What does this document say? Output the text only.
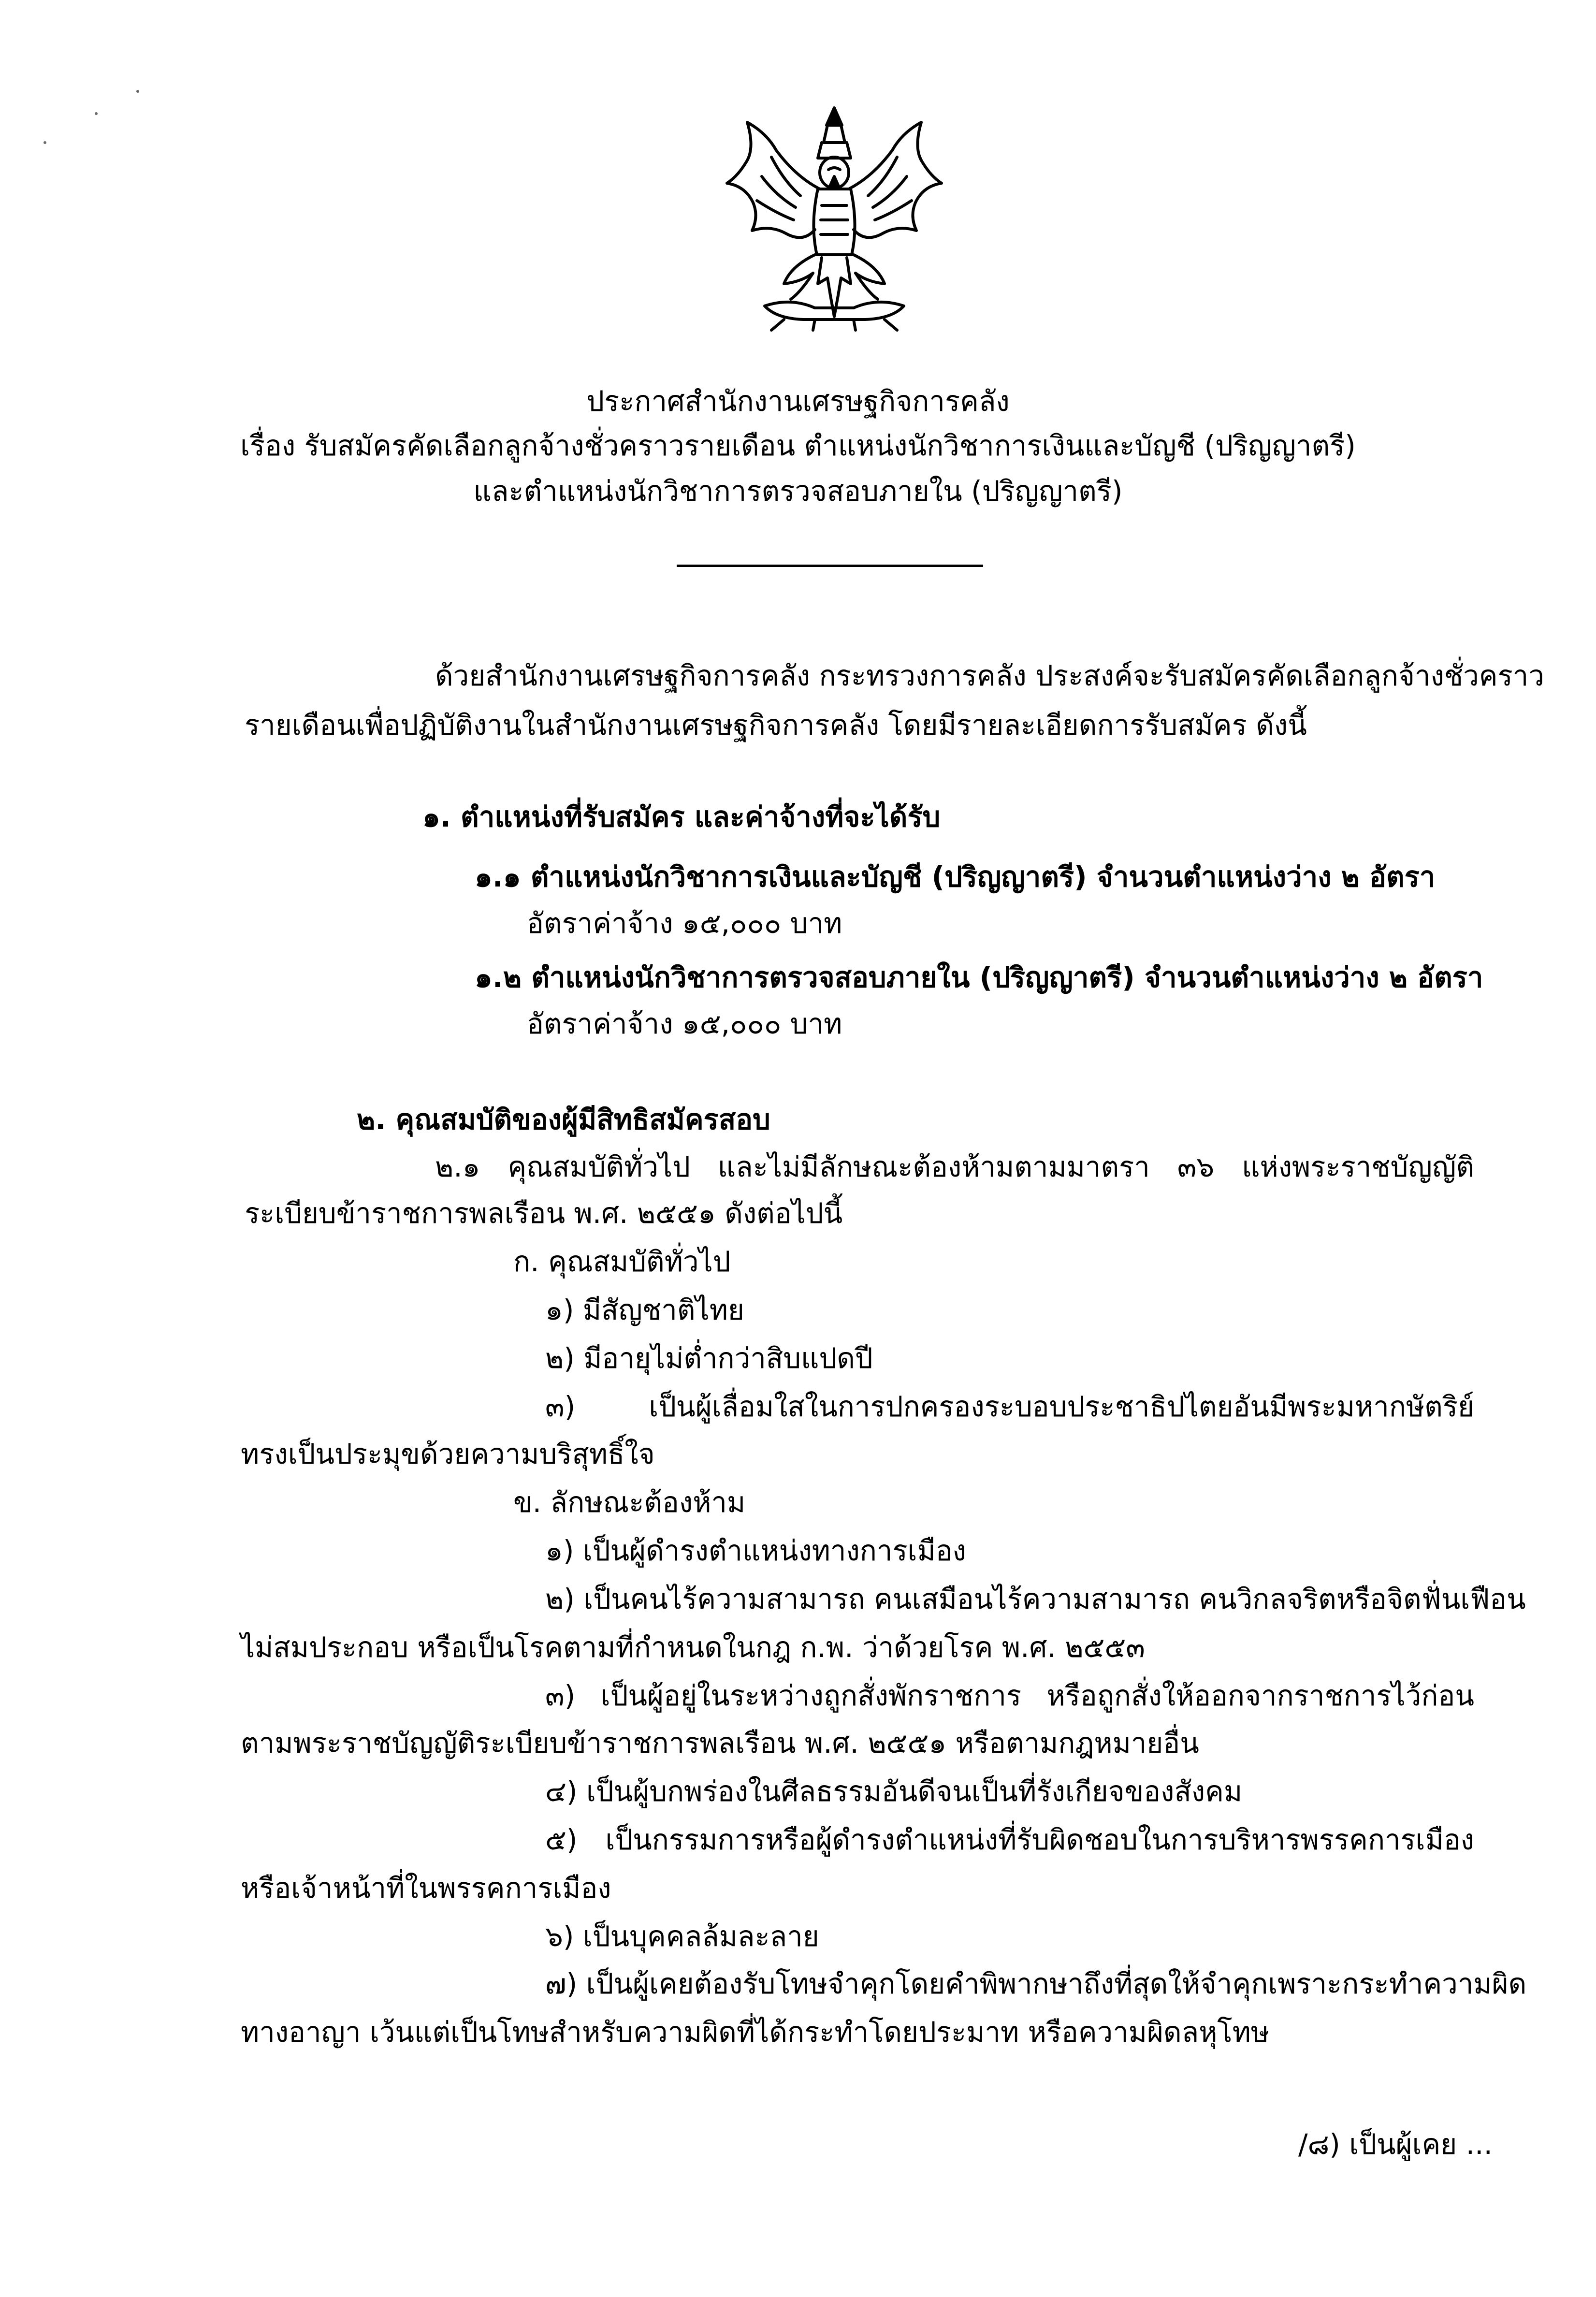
ประกาศสำนักงานเศรษฐกิจการคลัง
เรื่อง รับสมัครคัดเลือกลูกจ้างชั่วคราวรายเดือน ตำแหน่งนักวิชาการเงินและบัญชี (ปริญญาตรี)
และตำแหน่งนักวิชาการตรวจสอบภายใน (ปริญญาตรี)
ด้วยสำนักงานเศรษฐกิจการคลัง กระทรวงการคลัง ประสงค์จะรับสมัครคัดเลือกลูกจ้างชั่วคราว
รายเดือนเพื่อปฏิบัติงานในสำนักงานเศรษฐกิจการคลัง โดยมีรายละเอียดการรับสมัคร ดังนี้
๑. ตำแหน่งที่รับสมัคร และค่าจ้างที่จะได้รับ
๑.๑ ตำแหน่งนักวิชาการเงินและบัญชี (ปริญญาตรี) จำนวนตำแหน่งว่าง ๒ อัตรา
อัตราค่าจ้าง ๑๕,๐๐๐ บาท
๑.๒ ตำแหน่งนักวิชาการตรวจสอบภายใน (ปริญญาตรี) จำนวนตำแหน่งว่าง ๒ อัตรา
อัตราค่าจ้าง ๑๕,๐๐๐ บาท
๒. คุณสมบัติของผู้มีสิทธิสมัครสอบ
๒.๑ คุณสมบัติทั่วไป และไม่มีลักษณะต้องห้ามตามมาตรา ๓๖ แห่งพระราชบัญญัติ
ระเบียบข้าราชการพลเรือน พ.ศ. ๒๕๕๑ ดังต่อไปนี้
ก. คุณสมบัติทั่วไป
๑) มีสัญชาติไทย
๒) มีอายุไม่ต่ำกว่าสิบแปดปี
๓) เป็นผู้เลื่อมใสในการปกครองระบอบประชาธิปไตยอันมีพระมหากษัตริย์
ทรงเป็นประมุขด้วยความบริสุทธิ์ใจ
ข. ลักษณะต้องห้าม
๑) เป็นผู้ดำรงตำแหน่งทางการเมือง
๒) เป็นคนไร้ความสามารถ คนเสมือนไร้ความสามารถ คนวิกลจริตหรือจิตฟั่นเฟือน
ไม่สมประกอบ หรือเป็นโรคตามที่กำหนดในกฎ ก.พ. ว่าด้วยโรค พ.ศ. ๒๕๕๓
๓) เป็นผู้อยู่ในระหว่างถูกสั่งพักราชการ หรือถูกสั่งให้ออกจากราชการไว้ก่อน
ตามพระราชบัญญัติระเบียบข้าราชการพลเรือน พ.ศ. ๒๕๕๑ หรือตามกฎหมายอื่น
๔) เป็นผู้บกพร่องในศีลธรรมอันดีจนเป็นที่รังเกียจของสังคม
๕) เป็นกรรมการหรือผู้ดำรงตำแหน่งที่รับผิดชอบในการบริหารพรรคการเมือง
หรือเจ้าหน้าที่ในพรรคการเมือง
๖) เป็นบุคคลล้มละลาย
๗) เป็นผู้เคยต้องรับโทษจำคุกโดยคำพิพากษาถึงที่สุดให้จำคุกเพราะกระทำความผิด
ทางอาญา เว้นแต่เป็นโทษสำหรับความผิดที่ได้กระทำโดยประมาท หรือความผิดลหุโทษ
/๘) เป็นผู้เคย ...
